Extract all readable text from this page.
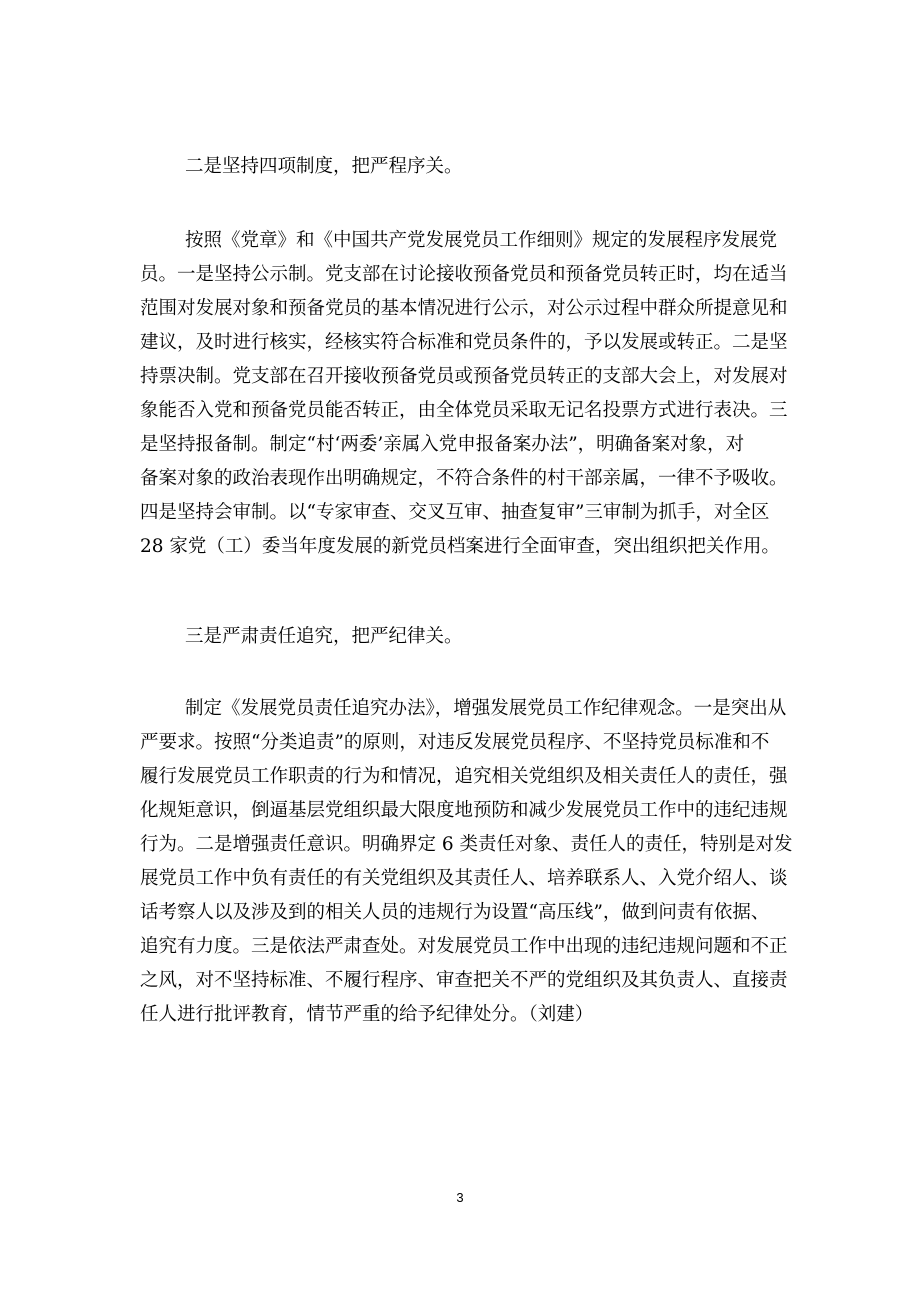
二是坚持四项制度，把严程序关。
按照《党章》和《中国共产党发展党员工作细则》规定的发展程序发展党
员。一是坚持公示制。党支部在讨论接收预备党员和预备党员转正时，均在适当
范围对发展对象和预备党员的基本情况进行公示，对公示过程中群众所提意见和
建议，及时进行核实，经核实符合标准和党员条件的，予以发展或转正。二是坚
持票决制。党支部在召开接收预备党员或预备党员转正的支部大会上，对发展对
象能否入党和预备党员能否转正，由全体党员采取无记名投票方式进行表决。三
是坚持报备制。制定“村‘两委’亲属入党申报备案办法”，明确备案对象，对
备案对象的政治表现作出明确规定，不符合条件的村干部亲属，一律不予吸收。
四是坚持会审制。以“专家审查、交叉互审、抽查复审”三审制为抓手，对全区
28 家党（工）委当年度发展的新党员档案进行全面审查，突出组织把关作用。
三是严肃责任追究，把严纪律关。
制定《发展党员责任追究办法》，增强发展党员工作纪律观念。一是突出从
严要求。按照“分类追责”的原则，对违反发展党员程序、不坚持党员标准和不
履行发展党员工作职责的行为和情况，追究相关党组织及相关责任人的责任，强
化规矩意识，倒逼基层党组织最大限度地预防和减少发展党员工作中的违纪违规
行为。二是增强责任意识。明确界定 6 类责任对象、责任人的责任，特别是对发
展党员工作中负有责任的有关党组织及其责任人、培养联系人、入党介绍人、谈
话考察人以及涉及到的相关人员的违规行为设置“高压线”，做到问责有依据、
追究有力度。三是依法严肃查处。对发展党员工作中出现的违纪违规问题和不正
之风，对不坚持标准、不履行程序、审查把关不严的党组织及其负责人、直接责
任人进行批评教育，情节严重的给予纪律处分。（刘建）
3
